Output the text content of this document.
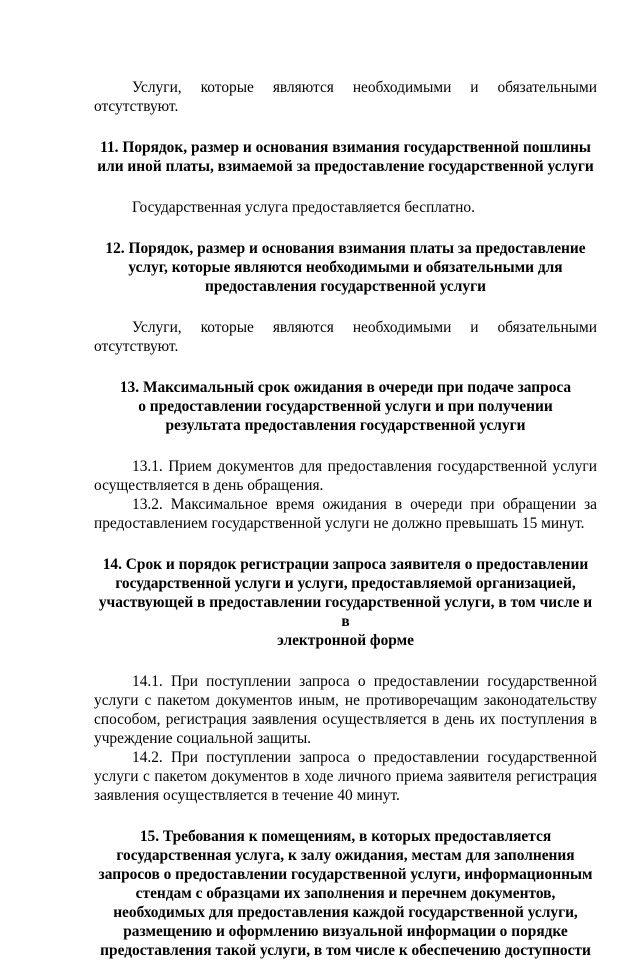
Услуги, которые являются необходимыми и обязательными
отсутствуют.

11. Порядок, размер и основания взимания государственной пошлины
или иной платы, взимаемой за предоставление государственной услуги

Государственная услуга предоставляется бесплатно.

12. Порядок, размер и основания взимания платы за предоставление
услуг, которые являются необходимыми и обязательными для
предоставления государственной услуги

Услуги, которые являются необходимыми и обязательными
отсутствуют.

13. Максимальный срок ожидания в очереди при подаче запроса
о предоставлении государственной услуги и при получении
результата предоставления государственной услуги

13.1. Прием документов для предоставления государственной услуги
осуществляется в день обращения.

13.2. Максимальное время ожидания в очереди при обращении за
предоставлением государственной услуги не должно превышать 15 минут.

14. Срок и порядок регистрации запроса заявителя о предоставлении
государственной услуги и услуги, предоставляемой организацией,
участвующей в предоставлении государственной услуги, в том числе и в
электронной форме

14.1. При поступлении запроса о предоставлении государственной
услуги с пакетом документов иным, не противоречащим законодательству
способом, регистрация заявления осуществляется в день их поступления в
учреждение социальной защиты.

14.2. При поступлении запроса о предоставлении государственной
услуги с пакетом документов в ходе личного приема заявителя регистрация
заявления осуществляется в течение 40 минут.

15. Требования к помещениям, в которых предоставляется
государственная услуга, к залу ожидания, местам для заполнения
запросов о предоставлении государственной услуги, информационным
стендам с образцами их заполнения и перечнем документов,
необходимых для предоставления каждой государственной услуги,
размещению и оформлению визуальной информации о порядке
предоставления такой услуги, в том числе к обеспечению доступности
